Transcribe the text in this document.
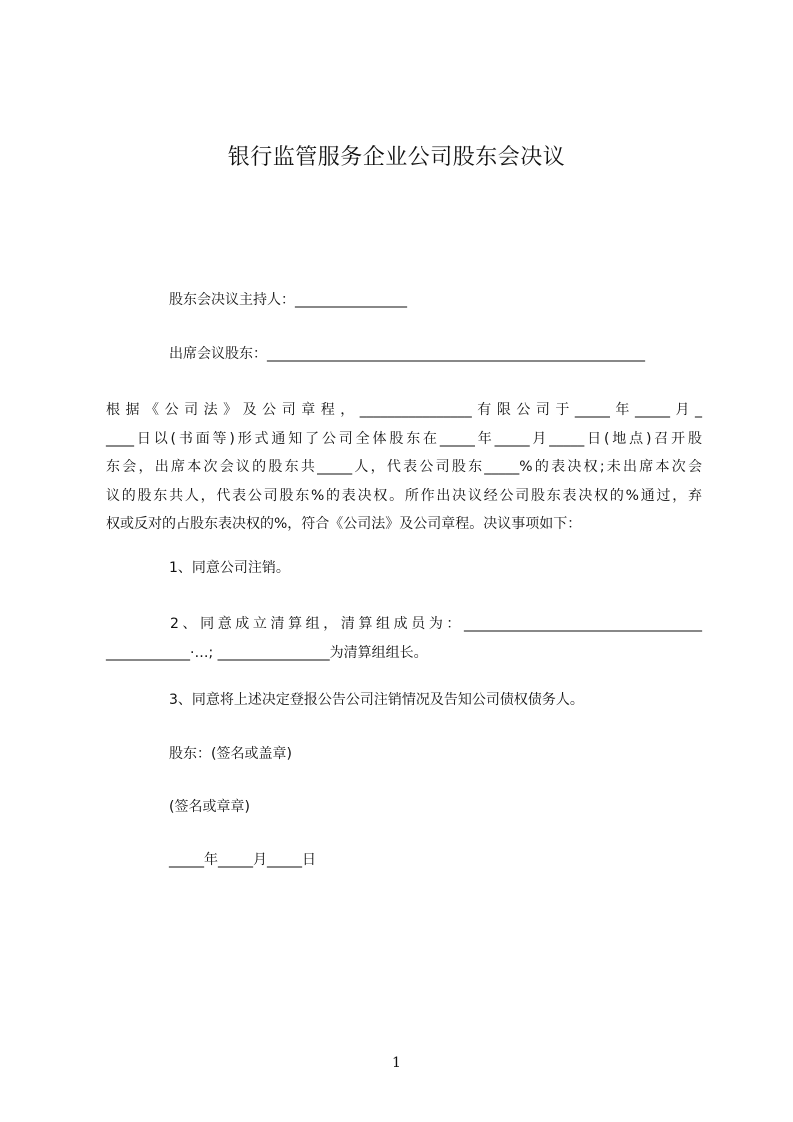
银行监管服务企业公司股东会决议
股东会决议主持人：________________
出席会议股东：______________________________________________________
根据《公司法》及公司章程，________________有限公司于_____年_____月_
____日以(书面等)形式通知了公司全体股东在_____年_____月_____日(地点)召开股
东会，出席本次会议的股东共_____人，代表公司股东_____%的表决权;未出席本次会
议的股东共人，代表公司股东%的表决权。所作出决议经公司股东表决权的%通过，弃
权或反对的占股东表决权的%，符合《公司法》及公司章程。决议事项如下：
1、同意公司注销。
2、同意成立清算组，清算组成员为：__________________________________
____________·…; ________________为清算组组长。
3、同意将上述决定登报公告公司注销情况及告知公司债权债务人。
股东：(签名或盖章)
(签名或章章)
_____年_____月_____日
1
